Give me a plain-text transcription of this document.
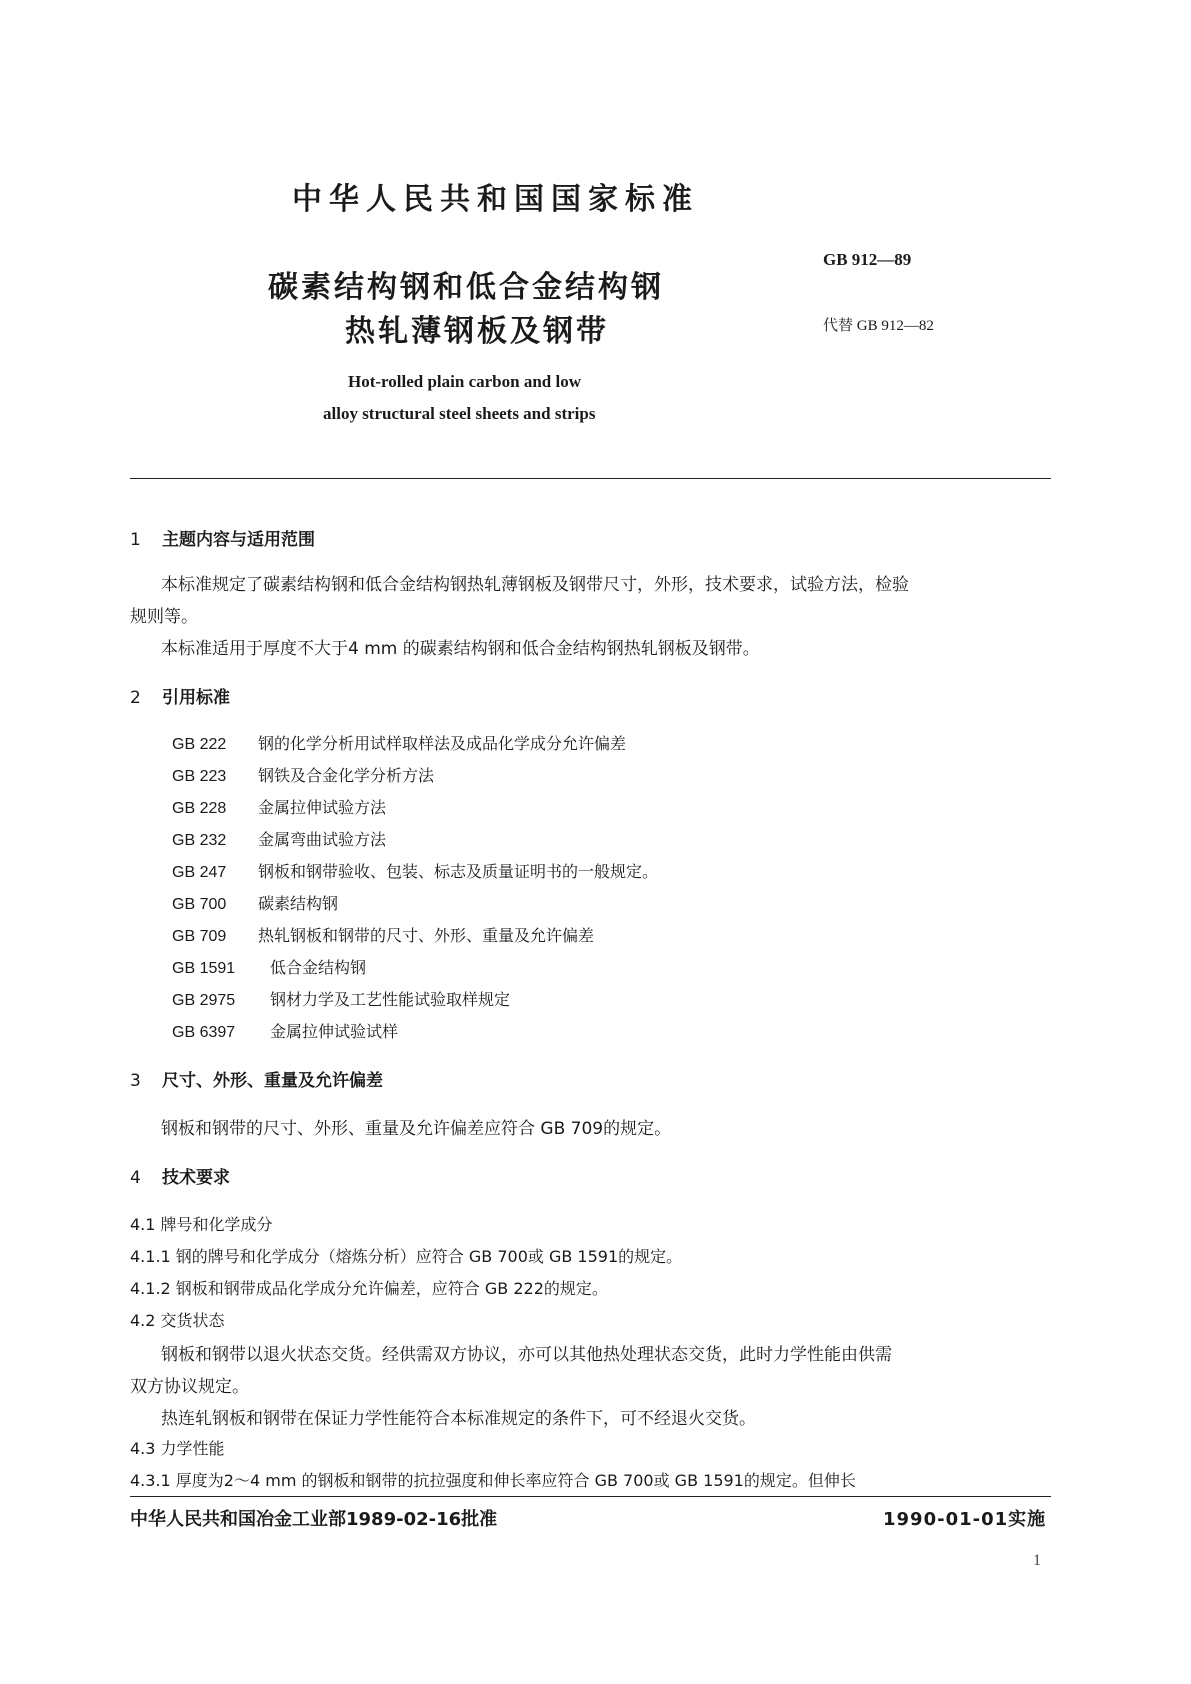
中华人民共和国国家标准
碳素结构钢和低合金结构钢
热轧薄钢板及钢带
GB 912—89
代替 GB 912—82
Hot-rolled plain carbon and low
alloy structural steel sheets and strips
1 主题内容与适用范围
本标准规定了碳素结构钢和低合金结构钢热轧薄钢板及钢带尺寸，外形，技术要求，试验方法，检验
规则等。
本标准适用于厚度不大于4 mm 的碳素结构钢和低合金结构钢热轧钢板及钢带。
2 引用标准
GB 222 钢的化学分析用试样取样法及成品化学成分允许偏差
GB 223 钢铁及合金化学分析方法
GB 228 金属拉伸试验方法
GB 232 金属弯曲试验方法
GB 247 钢板和钢带验收、包装、标志及质量证明书的一般规定。
GB 700 碳素结构钢
GB 709 热轧钢板和钢带的尺寸、外形、重量及允许偏差
GB 1591 低合金结构钢
GB 2975 钢材力学及工艺性能试验取样规定
GB 6397 金属拉伸试验试样
3 尺寸、外形、重量及允许偏差
钢板和钢带的尺寸、外形、重量及允许偏差应符合 GB 709的规定。
4 技术要求
4.1 牌号和化学成分
4.1.1 钢的牌号和化学成分（熔炼分析）应符合 GB 700或 GB 1591的规定。
4.1.2 钢板和钢带成品化学成分允许偏差，应符合 GB 222的规定。
4.2 交货状态
钢板和钢带以退火状态交货。经供需双方协议，亦可以其他热处理状态交货，此时力学性能由供需
双方协议规定。
热连轧钢板和钢带在保证力学性能符合本标准规定的条件下，可不经退火交货。
4.3 力学性能
4.3.1 厚度为2～4 mm 的钢板和钢带的抗拉强度和伸长率应符合 GB 700或 GB 1591的规定。但伸长
中华人民共和国冶金工业部1989-02-16批准	1990-01-01实施
1
